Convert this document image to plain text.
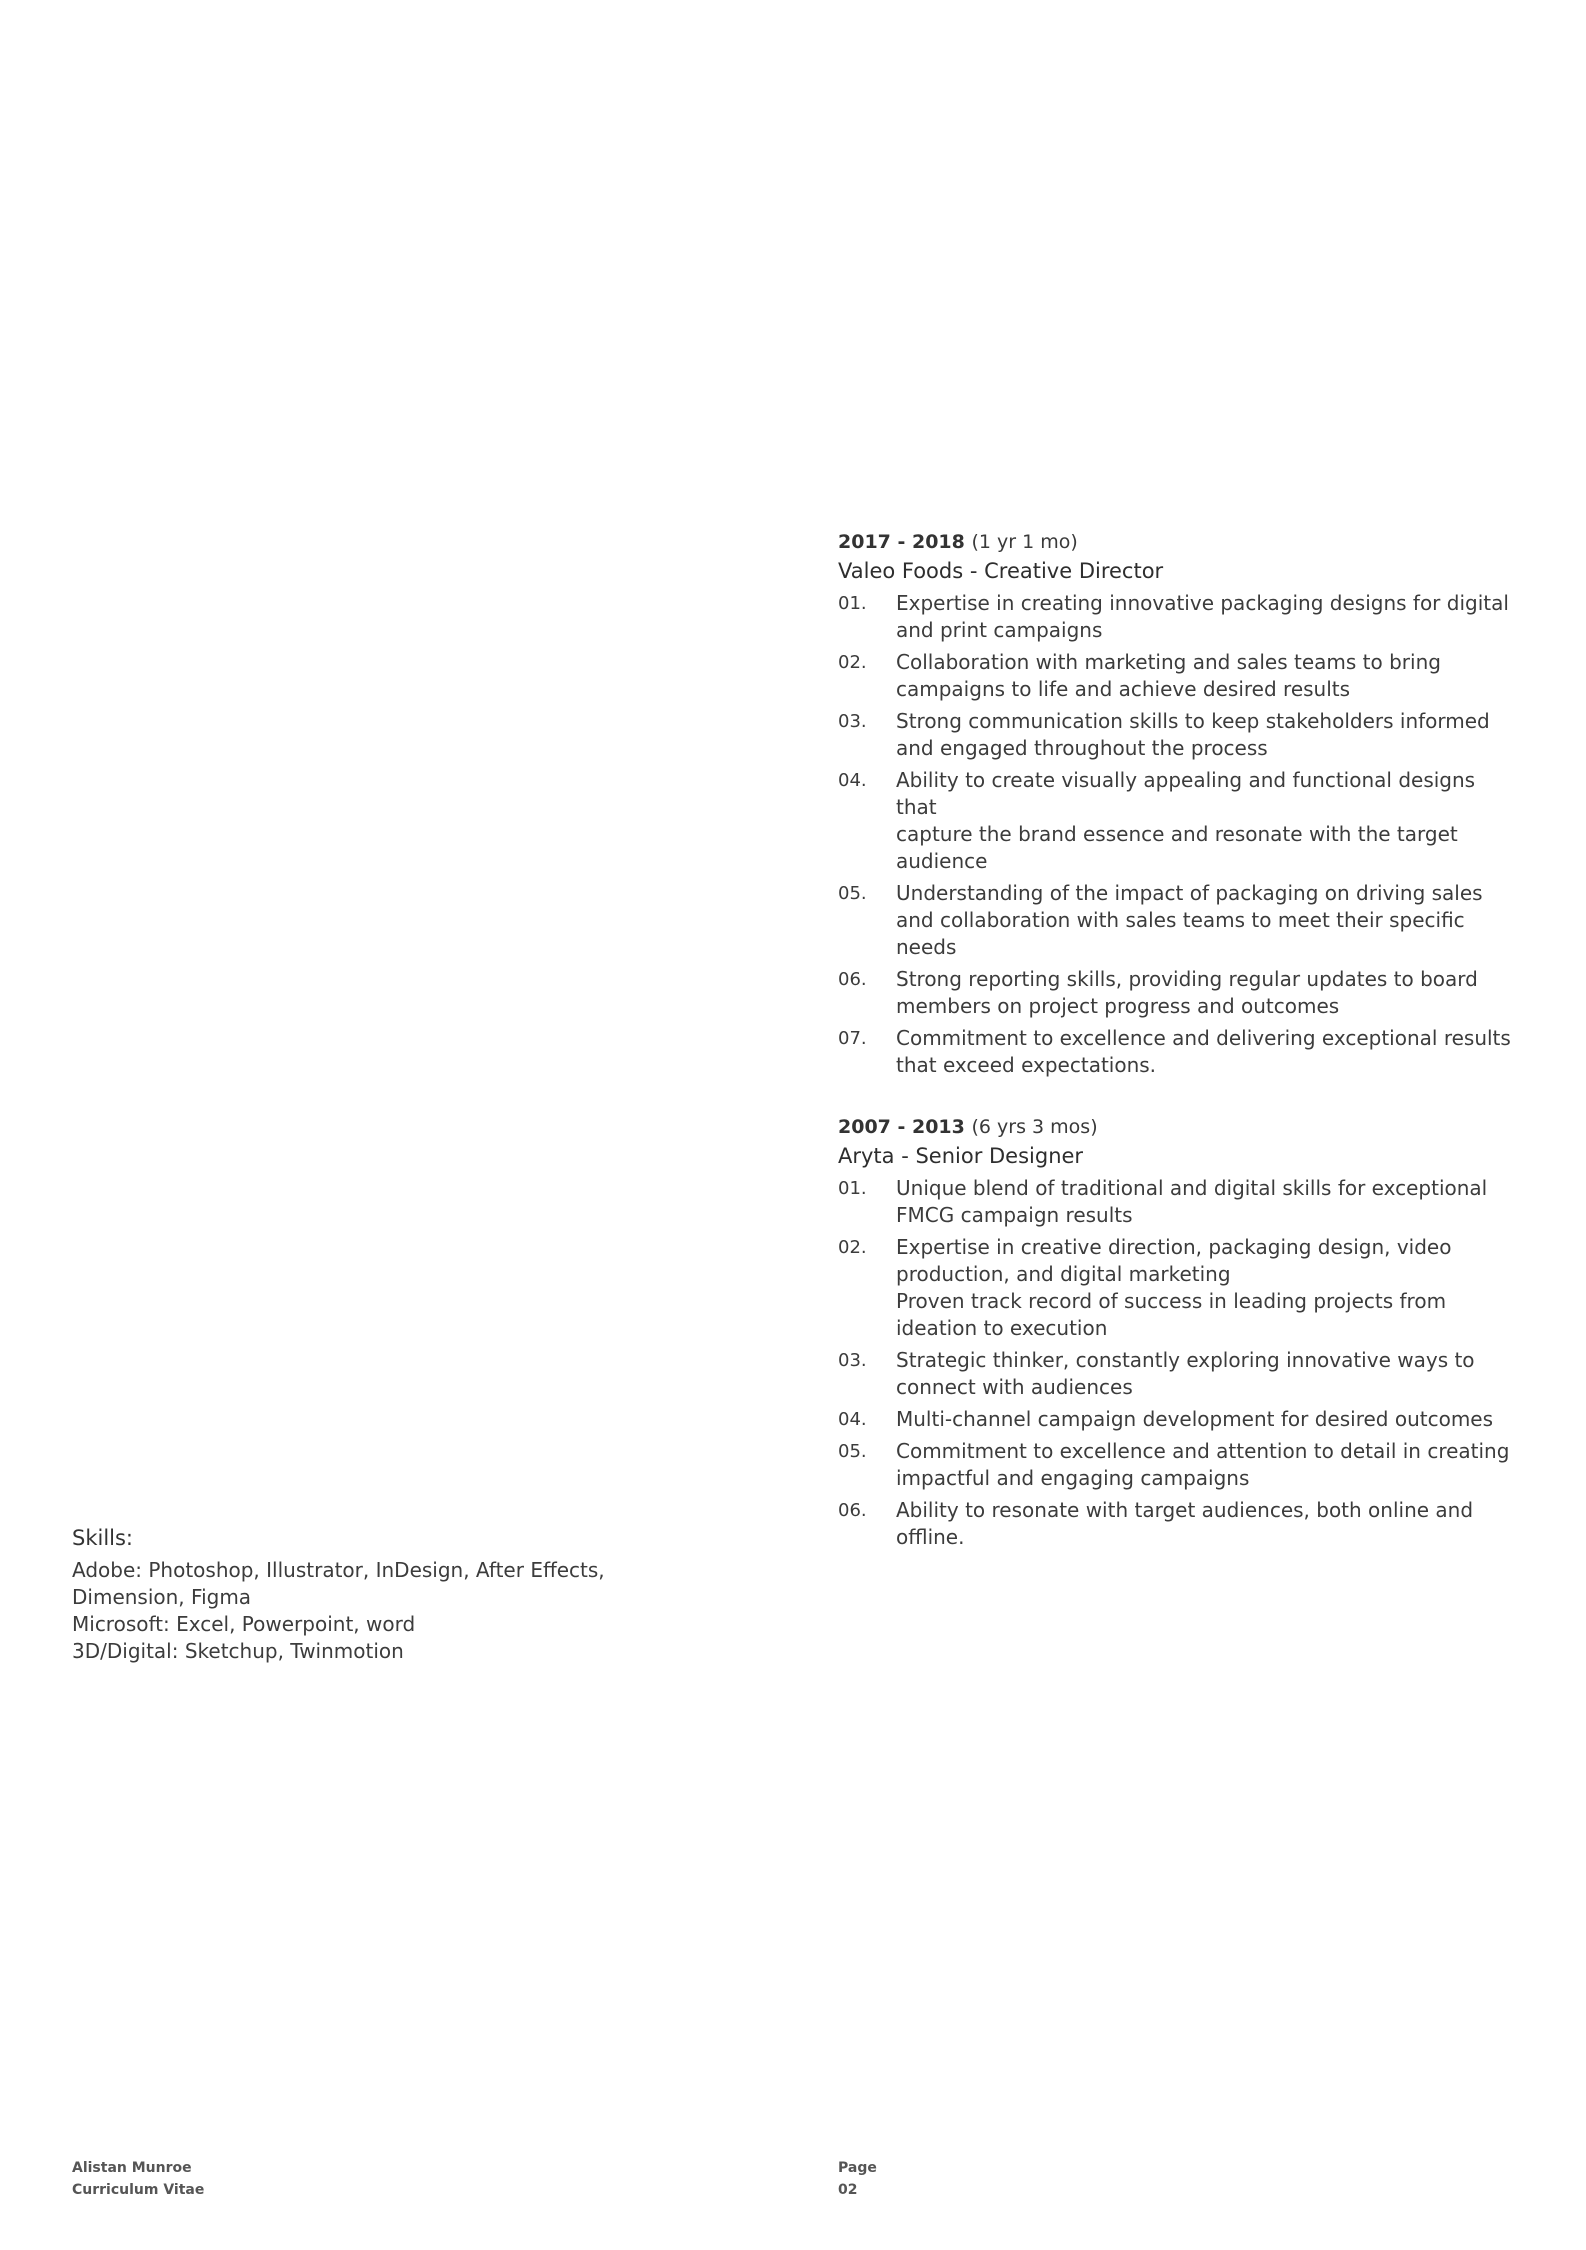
2017 - 2018 (1 yr 1 mo)
Valeo Foods - Creative Director
01.	Expertise in creating innovative packaging designs for digital
and print campaigns
02.	Collaboration with marketing and sales teams to bring
campaigns to life and achieve desired results
03.	Strong communication skills to keep stakeholders informed
and engaged throughout the process
04.	Ability to create visually appealing and functional designs that
capture the brand essence and resonate with the target
audience
05.	Understanding of the impact of packaging on driving sales
and collaboration with sales teams to meet their specific
needs
06.	Strong reporting skills, providing regular updates to board
members on project progress and outcomes
07.	Commitment to excellence and delivering exceptional results
that exceed expectations.
2007 - 2013 (6 yrs 3 mos)
Aryta - Senior Designer
01.	Unique blend of traditional and digital skills for exceptional
FMCG campaign results
02.	Expertise in creative direction, packaging design, video
production, and digital marketing
Proven track record of success in leading projects from
ideation to execution
03.	Strategic thinker, constantly exploring innovative ways to
connect with audiences
04.	Multi-channel campaign development for desired outcomes
05.	Commitment to excellence and attention to detail in creating
impactful and engaging campaigns
06.	Ability to resonate with target audiences, both online and
offline.
Skills:
Adobe: Photoshop, Illustrator, InDesign, After Effects,
Dimension, Figma
Microsoft: Excel, Powerpoint, word
3D/Digital: Sketchup, Twinmotion
Alistan Munroe
Curriculum Vitae
Page
02
